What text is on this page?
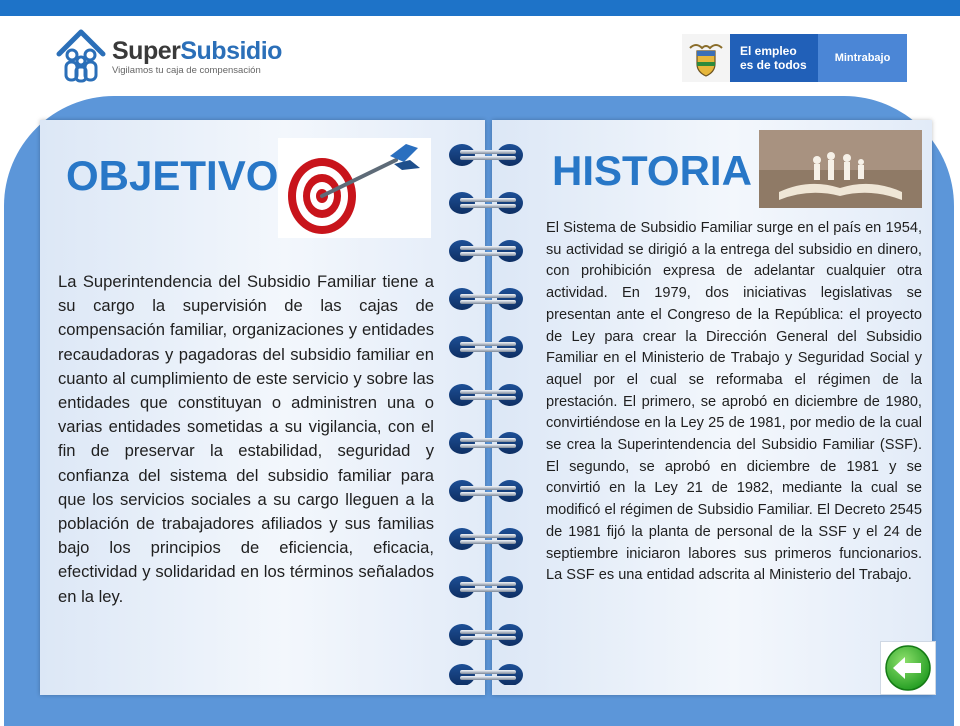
SuperSubsidio
Vigilamos tu caja de compensación
El empleo
es de todos	Mintrabajo
OBJETIVO
La Superintendencia del Subsidio Familiar tiene a su cargo la supervisión de las cajas de compensación familiar, organizaciones y entidades recaudadoras y pagadoras del subsidio familiar en cuanto al cumplimiento de este servicio y sobre las entidades que constituyan o administren una o varias entidades sometidas a su vigilancia, con el fin de preservar la estabilidad, seguridad y confianza del sistema del subsidio familiar para que los servicios sociales a su cargo lleguen a la población de trabajadores afiliados y sus familias bajo los principios de eficiencia, eficacia, efectividad y solidaridad en los términos señalados en la ley.
HISTORIA
El Sistema de Subsidio Familiar surge en el país en 1954, su actividad se dirigió a la entrega del subsidio en dinero, con prohibición expresa de adelantar cualquier otra actividad. En 1979, dos iniciativas legislativas se presentan ante el Congreso de la República: el proyecto de Ley para crear la Dirección General del Subsidio Familiar en el Ministerio de Trabajo y Seguridad Social y aquel por el cual se reformaba el régimen de la prestación. El primero, se aprobó en diciembre de 1980, convirtiéndose en la Ley 25 de 1981, por medio de la cual se crea la Superintendencia del Subsidio Familiar (SSF). El segundo, se aprobó en diciembre de 1981 y se convirtió en la Ley 21 de 1982, mediante la cual se modificó el régimen de Subsidio Familiar. El Decreto 2545 de 1981 fijó la planta de personal de la SSF y el 24 de septiembre iniciaron labores sus primeros funcionarios. La SSF es una entidad adscrita al Ministerio del Trabajo.
